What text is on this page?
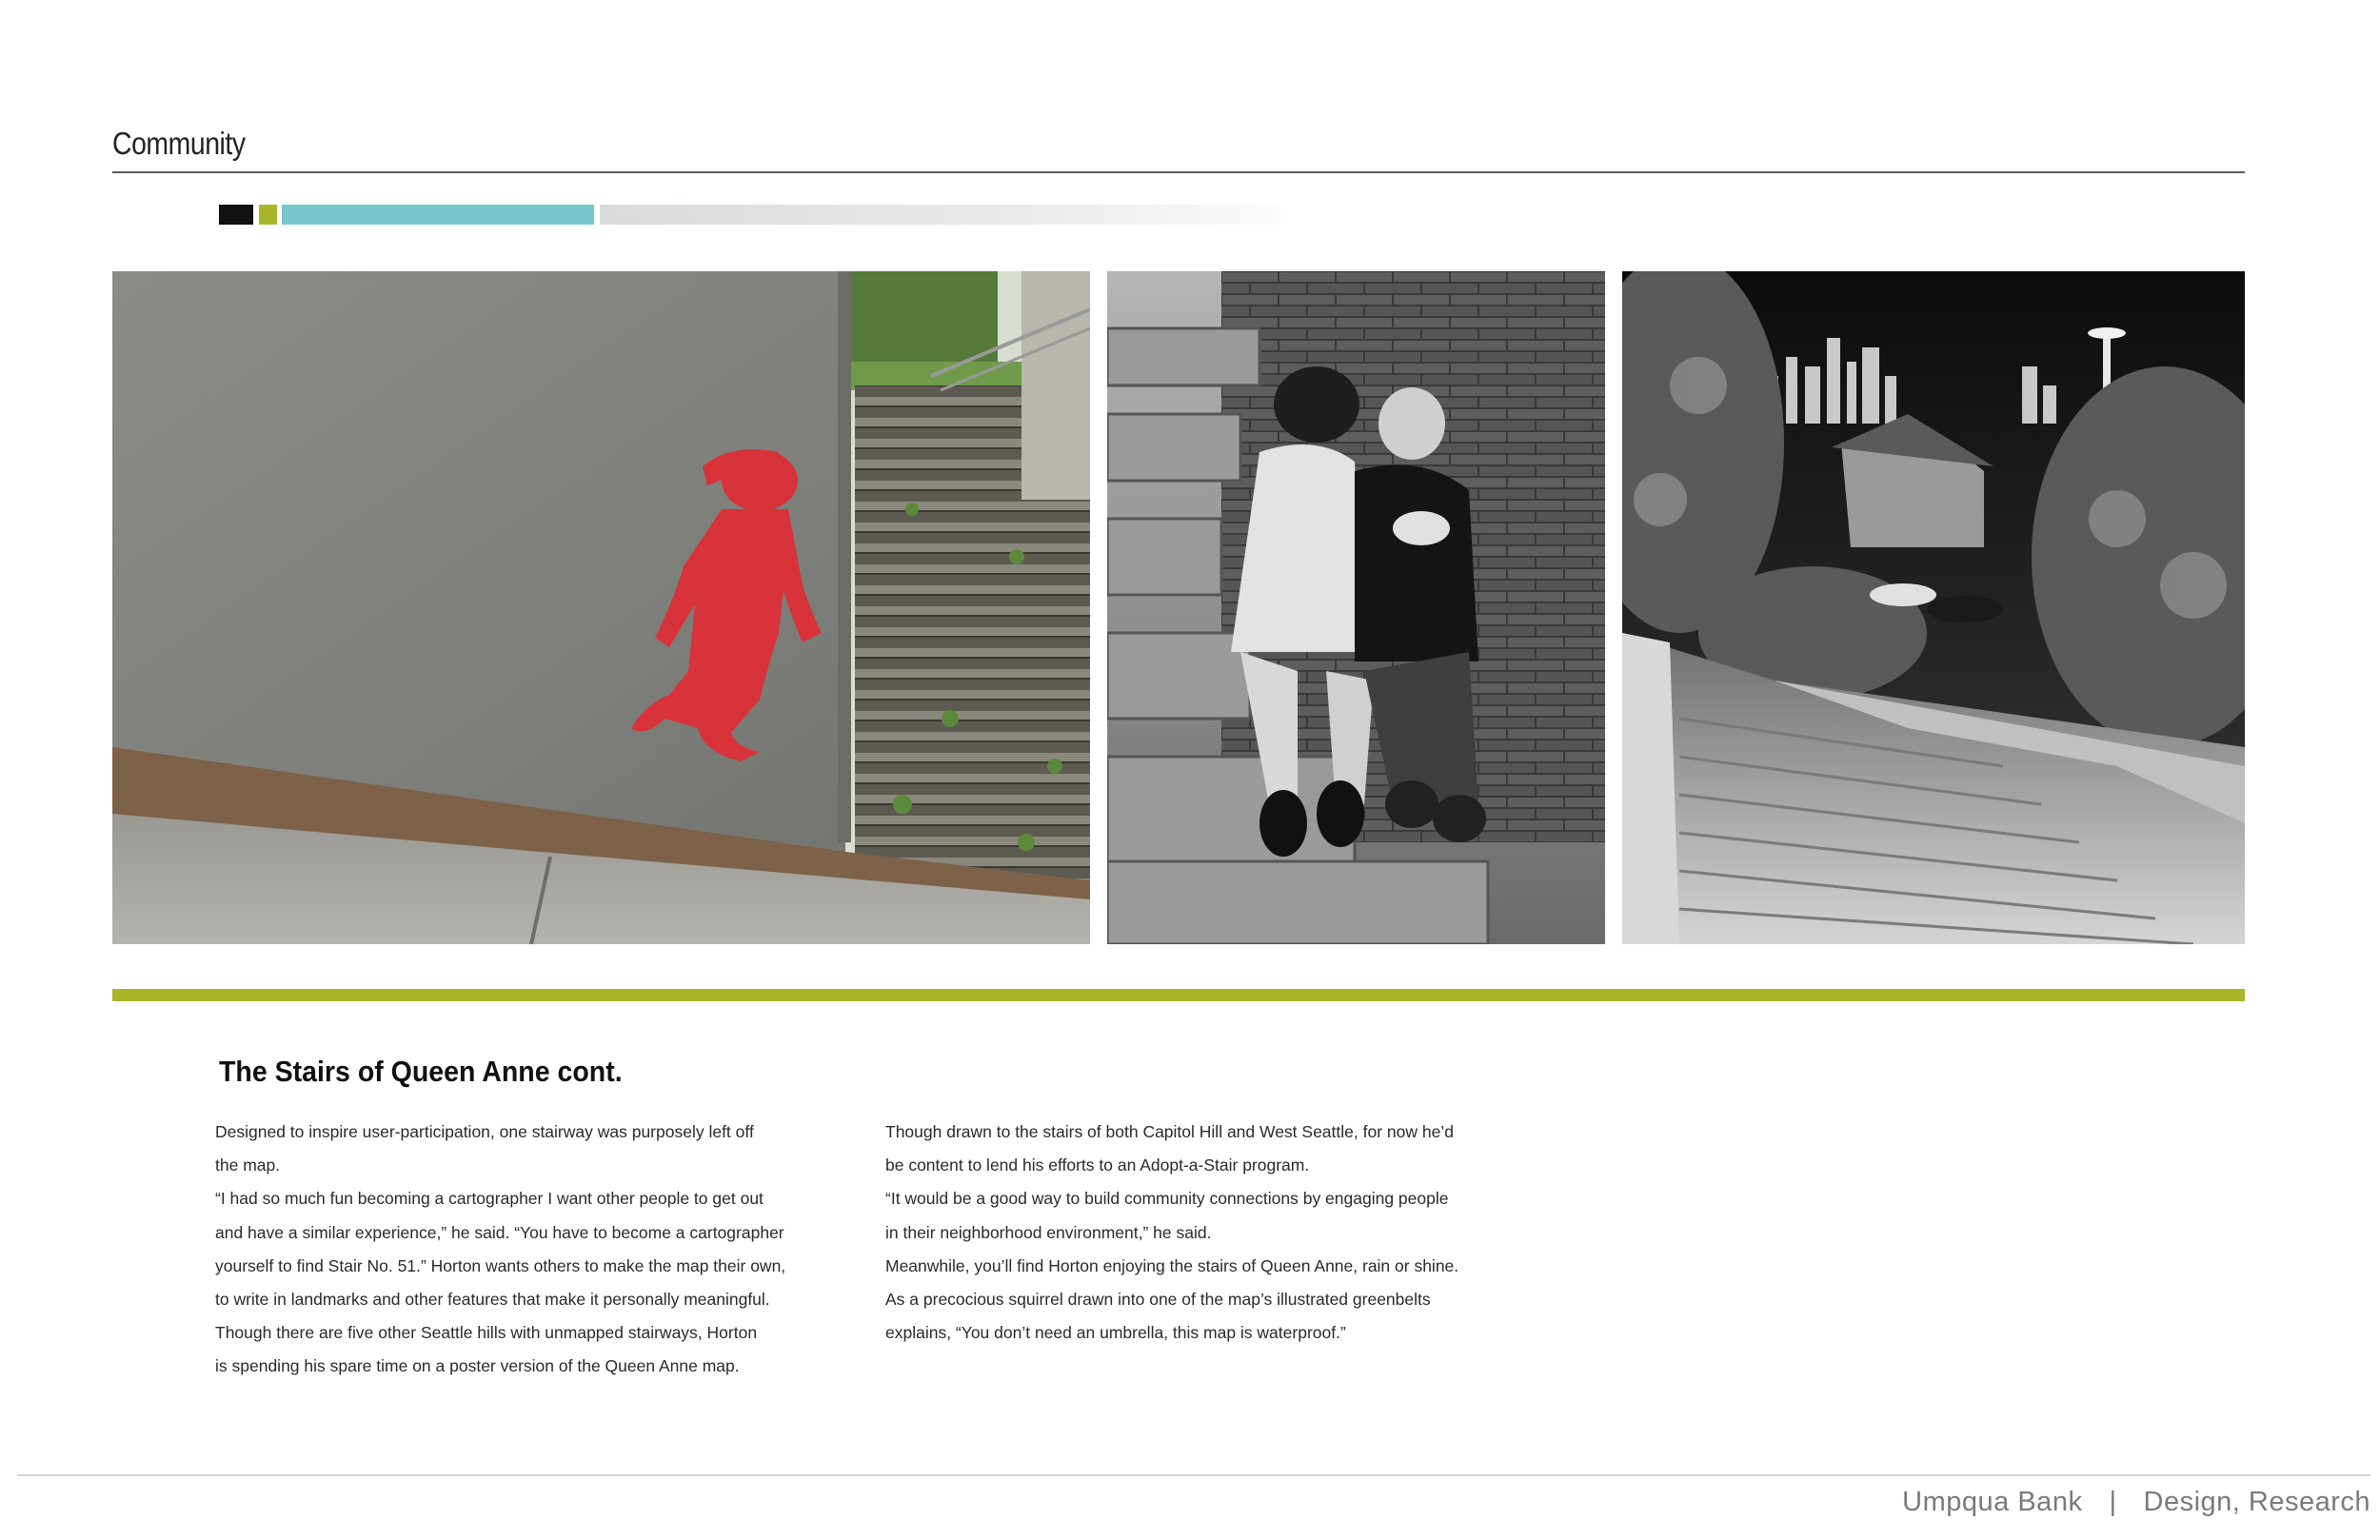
Community
The Stairs of Queen Anne cont.

Designed to inspire user-participation, one stairway was purposely left off

the map.

“I had so much fun becoming a cartographer I want other people to get out

and have a similar experience,” he said. “You have to become a cartographer

yourself to find Stair No. 51.” Horton wants others to make the map their own,

to write in landmarks and other features that make it personally meaningful.

Though there are five other Seattle hills with unmapped stairways, Horton

is spending his spare time on a poster version of the Queen Anne map.

Though drawn to the stairs of both Capitol Hill and West Seattle, for now he’d

be content to lend his efforts to an Adopt-a-Stair program.

“It would be a good way to build community connections by engaging people

in their neighborhood environment,” he said.

Meanwhile, you’ll find Horton enjoying the stairs of Queen Anne, rain or shine.

As a precocious squirrel drawn into one of the map’s illustrated greenbelts

explains, “You don’t need an umbrella, this map is waterproof.”

Umpqua Bank | Design, Research
